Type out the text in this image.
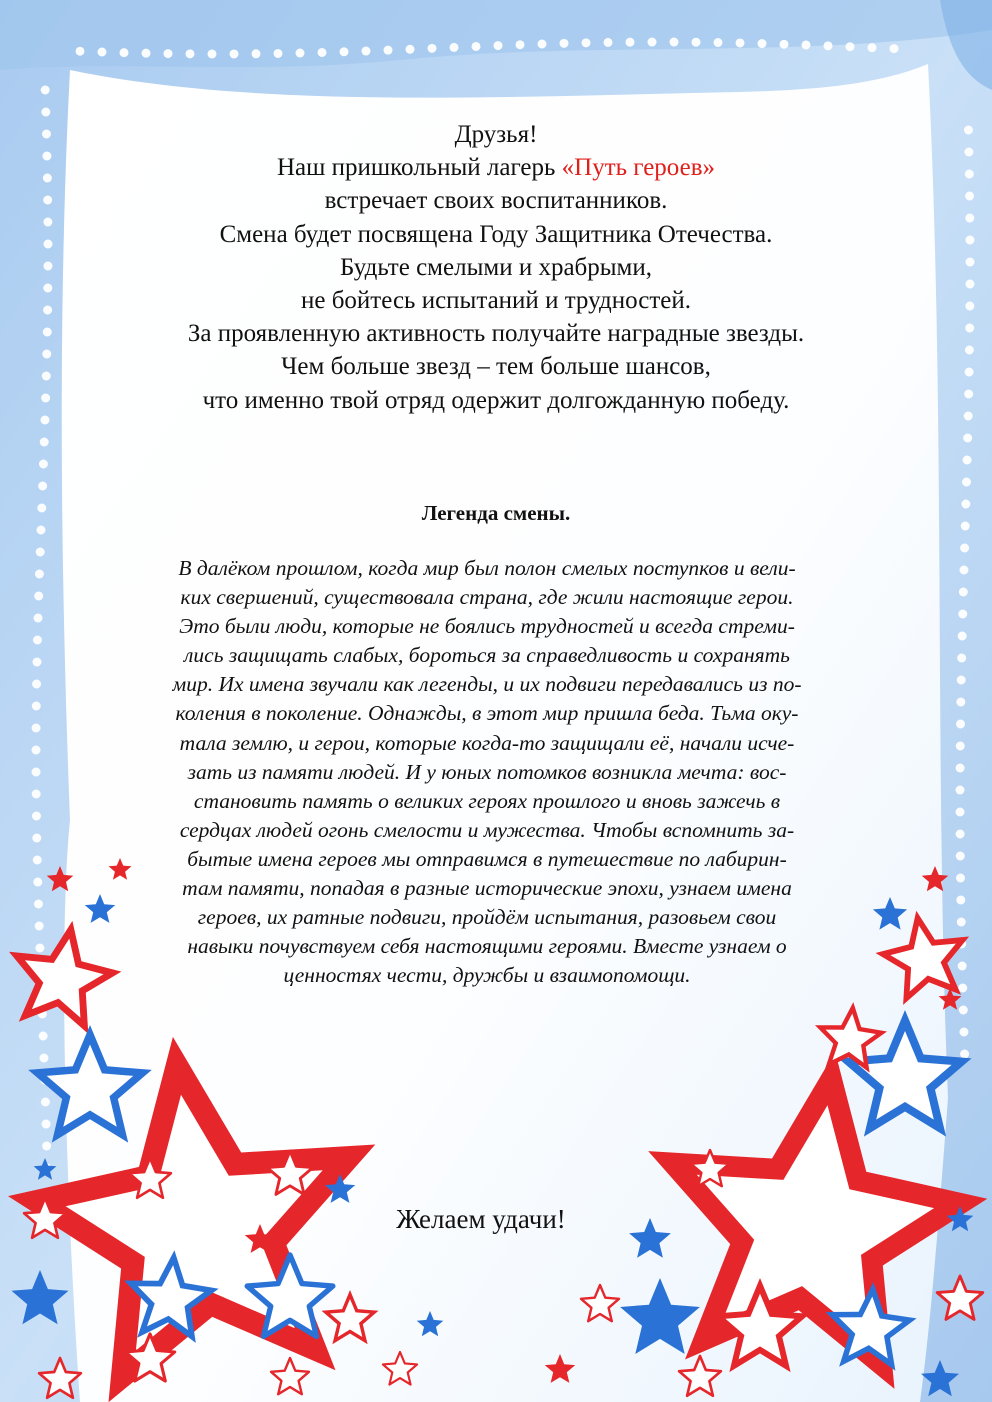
Друзья!
Наш пришкольный лагерь «Путь героев»
встречает своих воспитанников.
Смена будет посвящена Году Защитника Отечества.
Будьте смелыми и храбрыми,
не бойтесь испытаний и трудностей.
За проявленную активность получайте наградные звезды.
Чем больше звезд – тем больше шансов,
что именно твой отряд одержит долгожданную победу.
Легенда смены.
В далёком прошлом, когда мир был полон смелых поступков и вели-
ких свершений, существовала страна, где жили настоящие герои.
Это были люди, которые не боялись трудностей и всегда стреми-
лись защищать слабых, бороться за справедливость и сохранять
мир. Их имена звучали как легенды, и их подвиги передавались из по-
коления в поколение. Однажды, в этот мир пришла беда. Тьма оку-
тала землю, и герои, которые когда-то защищали её, начали исче-
зать из памяти людей. И у юных потомков возникла мечта: вос-
становить память о великих героях прошлого и вновь зажечь в
сердцах людей огонь смелости и мужества. Чтобы вспомнить за-
бытые имена героев мы отправимся в путешествие по лабирин-
там памяти, попадая в разные исторические эпохи, узнаем имена
героев, их ратные подвиги, пройдём испытания, разовьем свои
навыки почувствуем себя настоящими героями. Вместе узнаем о
ценностях чести, дружбы и взаимопомощи.
Желаем удачи!
